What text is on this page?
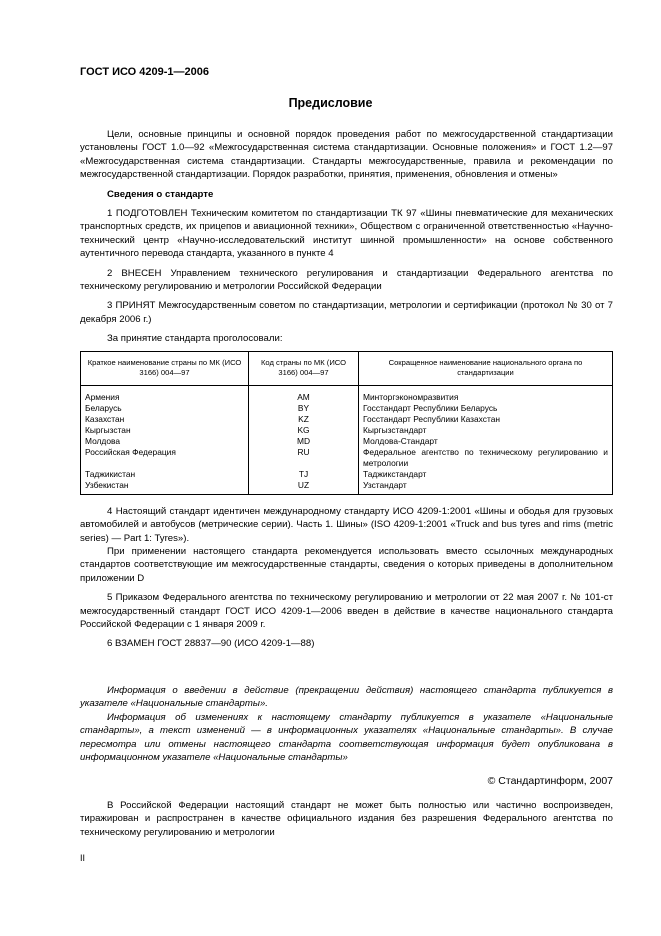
ГОСТ ИСО 4209-1—2006
Предисловие

Цели, основные принципы и основной порядок проведения работ по межгосударственной стандартизации установлены ГОСТ 1.0—92 «Межгосударственная система стандартизации. Основные положения» и ГОСТ 1.2—97 «Межгосударственная система стандартизации. Стандарты межгосударственные, правила и рекомендации по межгосударственной стандартизации. Порядок разработки, принятия, применения, обновления и отмены»

Сведения о стандарте

1 ПОДГОТОВЛЕН Техническим комитетом по стандартизации ТК 97 «Шины пневматические для механических транспортных средств, их прицепов и авиационной техники», Обществом с ограниченной ответственностью «Научно-технический центр «Научно-исследовательский институт шинной промышленности» на основе собственного аутентичного перевода стандарта, указанного в пункте 4

2 ВНЕСЕН Управлением технического регулирования и стандартизации Федерального агентства по техническому регулированию и метрологии Российской Федерации

3 ПРИНЯТ Межгосударственным советом по стандартизации, метрологии и сертификации (протокол № 30 от 7 декабря 2006 г.)

За принятие стандарта проголосовали:

Краткое наименование страны по МК (ИСО 3166) 004—97	Код страны по МК (ИСО 3166) 004—97	Сокращенное наименование национального органа по стандартизации
Армения	AM	Минторгэкономразвития
Беларусь	BY	Госстандарт Республики Беларусь
Казахстан	KZ	Госстандарт Республики Казахстан
Кыргызстан	KG	Кыргызстандарт
Молдова	MD	Молдова-Стандарт
Российская Федерация	RU	Федеральное агентство по техническому регулированию и метрологии
Таджикистан	TJ	Таджикстандарт
Узбекистан	UZ	Узстандарт

4 Настоящий стандарт идентичен международному стандарту ИСО 4209-1:2001 «Шины и ободья для грузовых автомобилей и автобусов (метрические серии). Часть 1. Шины» (ISO 4209-1:2001 «Truck and bus tyres and rims (metric series) — Part 1: Tyres»).

При применении настоящего стандарта рекомендуется использовать вместо ссылочных международных стандартов соответствующие им межгосударственные стандарты, сведения о которых приведены в дополнительном приложении D

5 Приказом Федерального агентства по техническому регулированию и метрологии от 22 мая 2007 г. № 101-ст межгосударственный стандарт ГОСТ ИСО 4209-1—2006 введен в действие в качестве национального стандарта Российской Федерации с 1 января 2009 г.

6 ВЗАМЕН ГОСТ 28837—90 (ИСО 4209-1—88)

Информация о введении в действие (прекращении действия) настоящего стандарта публикуется в указателе «Национальные стандарты».

Информация об изменениях к настоящему стандарту публикуется в указателе «Национальные стандарты», а текст изменений — в информационных указателях «Национальные стандарты». В случае пересмотра или отмены настоящего стандарта соответствующая информация будет опубликована в информационном указателе «Национальные стандарты»

© Стандартинформ, 2007

В Российской Федерации настоящий стандарт не может быть полностью или частично воспроизведен, тиражирован и распространен в качестве официального издания без разрешения Федерального агентства по техническому регулированию и метрологии

II
